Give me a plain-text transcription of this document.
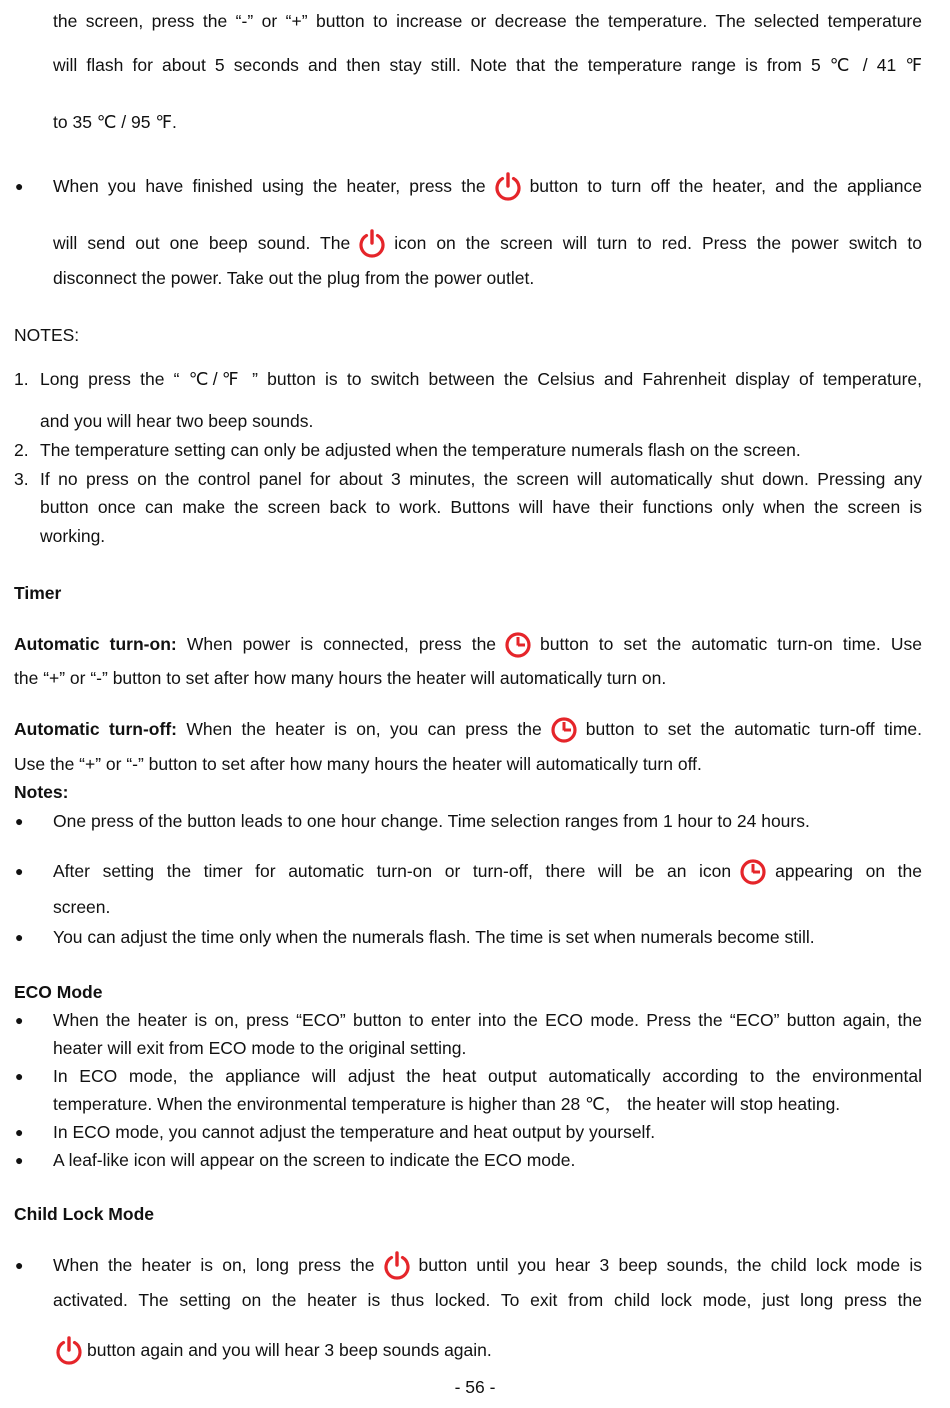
the screen, press the “-” or “+” button to increase or decrease the temperature. The selected temperature
will flash for about 5 seconds and then stay still. Note that the temperature range is from 5 ℃ / 41 ℉
to 35 ℃ / 95 ℉.
● When you have finished using the heater, press the	button to turn off the heater, and the appliance
will send out one beep sound. The	icon on the screen will turn to red. Press the power switch to
disconnect the power. Take out the plug from the power outlet.
NOTES:
1. Long press the “ ℃/℉ ” button is to switch between the Celsius and Fahrenheit display of temperature,
and you will hear two beep sounds.
2. The temperature setting can only be adjusted when the temperature numerals flash on the screen.
3. If no press on the control panel for about 3 minutes, the screen will automatically shut down. Pressing any
button once can make the screen back to work. Buttons will have their functions only when the screen is
working.
Timer
Automatic turn-on: When power is connected, press the	button to set the automatic turn-on time. Use
the “+” or “-” button to set after how many hours the heater will automatically turn on.
Automatic turn-off: When the heater is on, you can press the	button to set the automatic turn-off time.
Use the “+” or “-” button to set after how many hours the heater will automatically turn off.
Notes:
● One press of the button leads to one hour change. Time selection ranges from 1 hour to 24 hours.
● After setting the timer for automatic turn-on or turn-off, there will be an icon	appearing on the
screen.
● You can adjust the time only when the numerals flash. The time is set when numerals become still.
ECO Mode
● When the heater is on, press “ECO” button to enter into the ECO mode. Press the “ECO” button again, the
heater will exit from ECO mode to the original setting.
● In ECO mode, the appliance will adjust the heat output automatically according to the environmental
temperature. When the environmental temperature is higher than 28 ℃， the heater will stop heating.
● In ECO mode, you cannot adjust the temperature and heat output by yourself.
● A leaf-like icon will appear on the screen to indicate the ECO mode.
Child Lock Mode
● When the heater is on, long press the	button until you hear 3 beep sounds, the child lock mode is
activated. The setting on the heater is thus locked. To exit from child lock mode, just long press the
button again and you will hear 3 beep sounds again.
- 56 -
